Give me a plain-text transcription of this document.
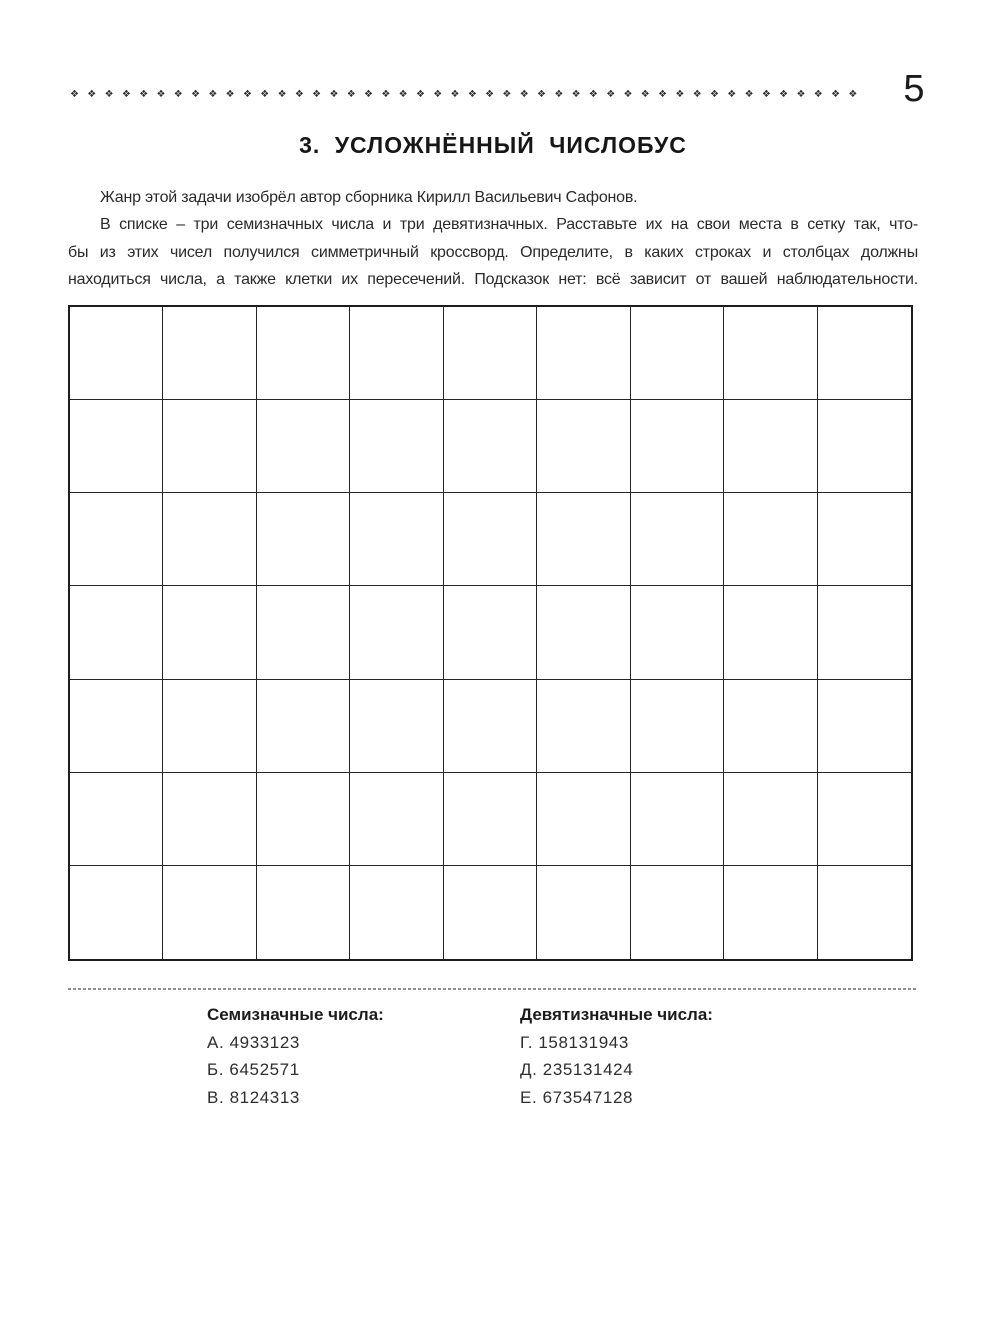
❖ ❖ ❖ ❖ ❖ ❖ ❖ ❖ ❖ ❖ ❖ ❖ ❖ ❖ ❖ ❖ ❖ ❖ ❖ ❖ ❖ ❖ ❖ ❖ ❖ ❖ ❖ ❖ ❖ ❖ ❖ ❖ ❖ ❖ ❖ ❖ ❖ ❖ ❖ ❖ ❖ ❖ ❖ ❖ ❖ ❖	5
3. УСЛОЖНЁННЫЙ ЧИСЛОБУС

Жанр этой задачи изобрёл автор сборника Кирилл Васильевич Сафонов.

В списке – три семизначных числа и три девятизначных. Расставьте их на свои места в сетку так, что-

бы из этих чисел получился симметричный кроссворд. Определите, в каких строках и столбцах должны

находиться числа, а также клетки их пересечений. Подсказок нет: всё зависит от вашей наблюдательности.

Семизначные числа:
А. 4933123
Б. 6452571
В. 8124313
Девятизначные числа:
Г. 158131943
Д. 235131424
Е. 673547128
